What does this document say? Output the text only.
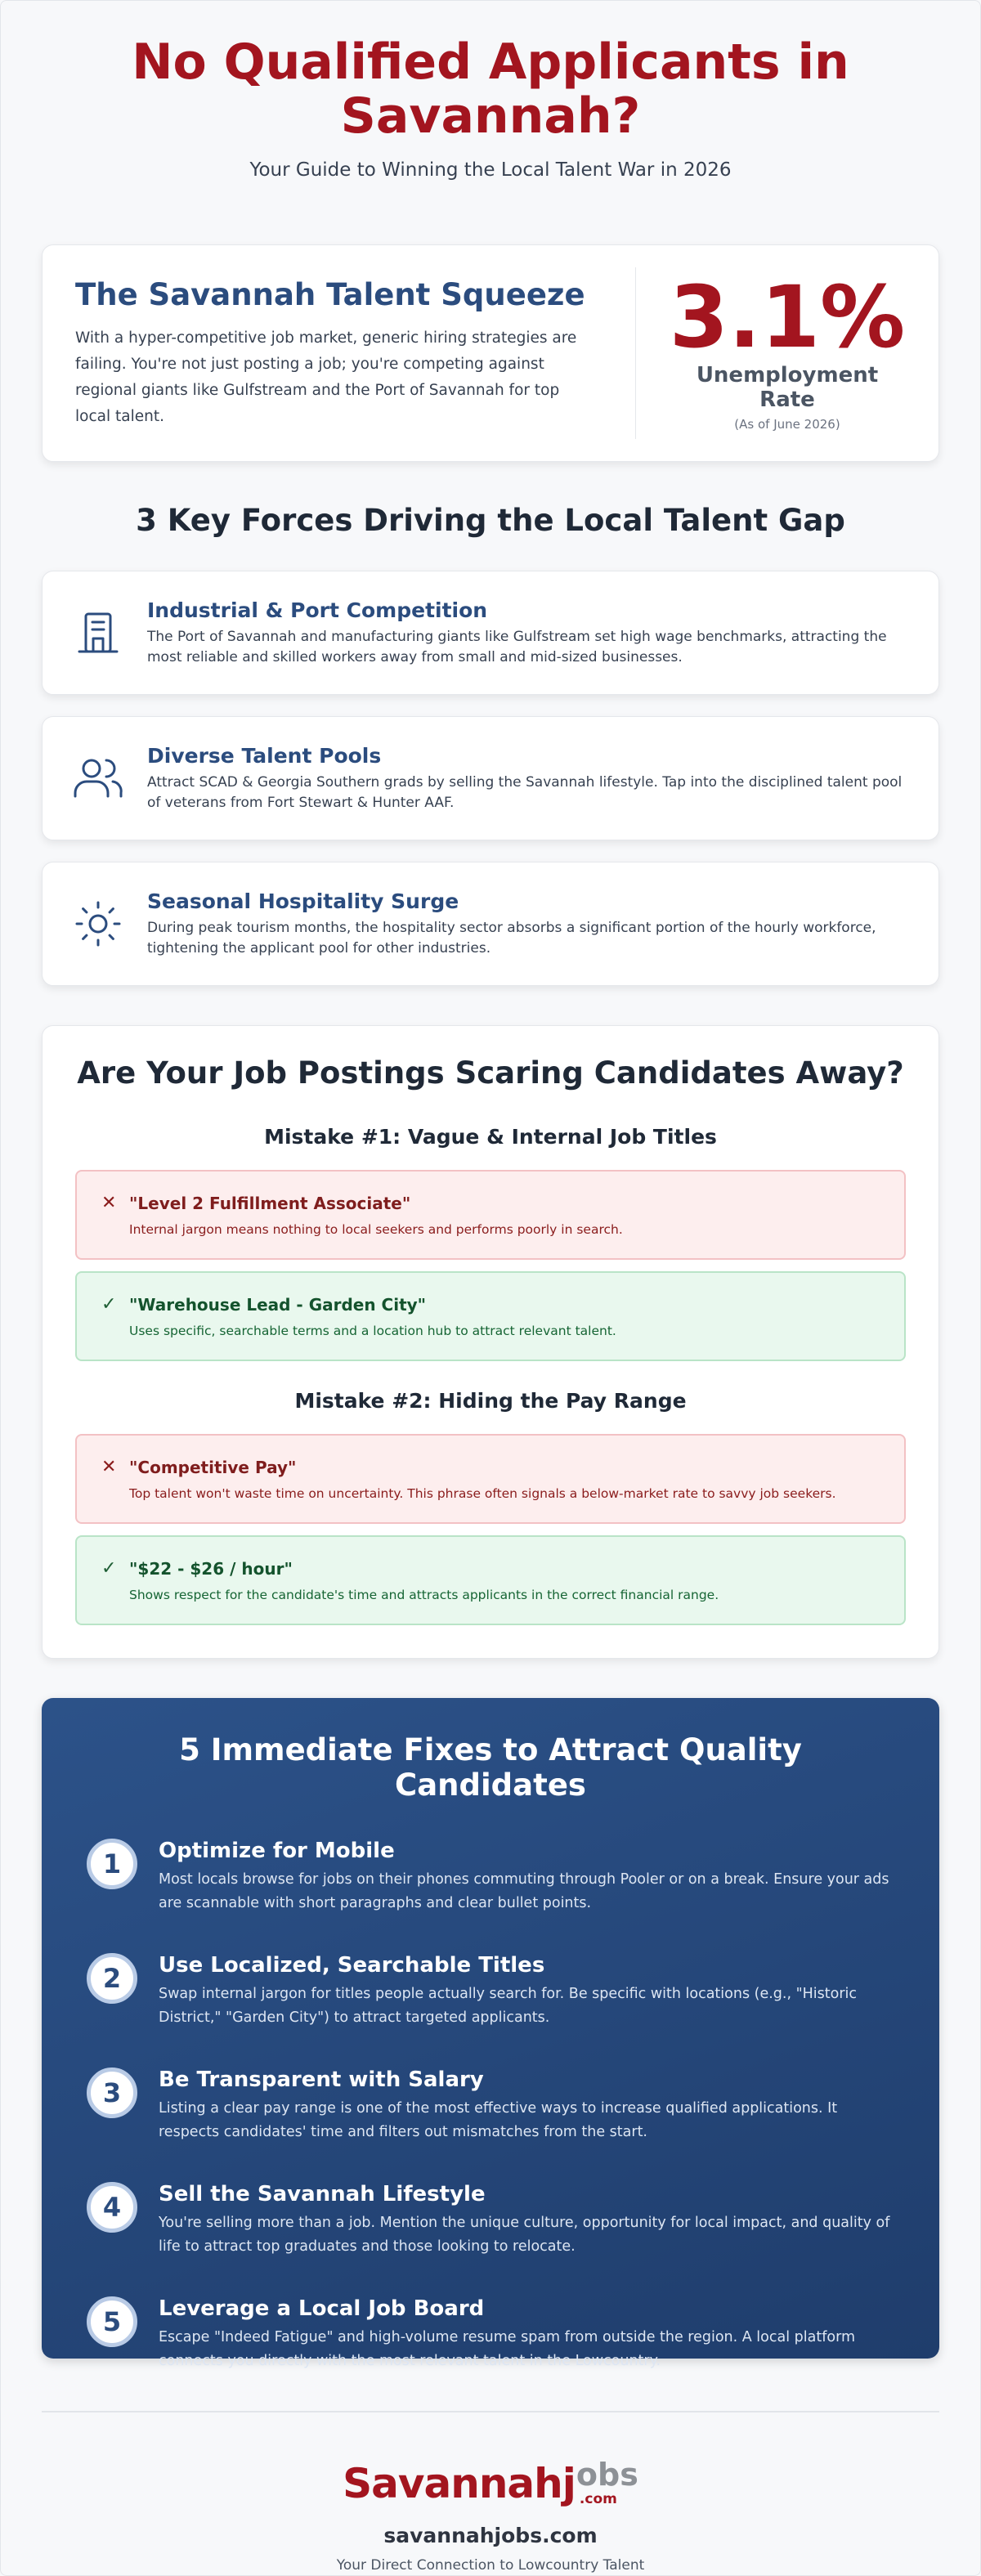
No Qualified Applicants in Savannah?

Your Guide to Winning the Local Talent War in 2026

The Savannah Talent Squeeze

With a hyper-competitive job market, generic hiring strategies are failing. You're not just posting a job; you're competing against regional giants like Gulfstream and the Port of Savannah for top local talent.

3.1%
Unemployment Rate
(As of June 2026)
3 Key Forces Driving the Local Talent Gap
Industrial & Port Competition

The Port of Savannah and manufacturing giants like Gulfstream set high wage benchmarks, attracting the most reliable and skilled workers away from small and mid-sized businesses.

Diverse Talent Pools

Attract SCAD & Georgia Southern grads by selling the Savannah lifestyle. Tap into the disciplined talent pool of veterans from Fort Stewart & Hunter AAF.

Seasonal Hospitality Surge

During peak tourism months, the hospitality sector absorbs a significant portion of the hourly workforce, tightening the applicant pool for other industries.

Are Your Job Postings Scaring Candidates Away?
Mistake #1: Vague & Internal Job Titles
✕ "Level 2 Fulfillment Associate"
Internal jargon means nothing to local seekers and performs poorly in search.
✓ "Warehouse Lead - Garden City"
Uses specific, searchable terms and a location hub to attract relevant talent.
Mistake #2: Hiding the Pay Range
✕ "Competitive Pay"
Top talent won't waste time on uncertainty. This phrase often signals a below-market rate to savvy job seekers.
✓ "$22 - $26 / hour"
Shows respect for the candidate's time and attracts applicants in the correct financial range.
5 Immediate Fixes to Attract Quality Candidates
1	Optimize for Mobile
Most locals browse for jobs on their phones commuting through Pooler or on a break. Ensure your ads are scannable with short paragraphs and clear bullet points.
2	Use Localized, Searchable Titles
Swap internal jargon for titles people actually search for. Be specific with locations (e.g., "Historic District," "Garden City") to attract targeted applicants.
3	Be Transparent with Salary
Listing a clear pay range is one of the most effective ways to increase qualified applications. It respects candidates' time and filters out mismatches from the start.
4	Sell the Savannah Lifestyle
You're selling more than a job. Mention the unique culture, opportunity for local impact, and quality of life to attract top graduates and those looking to relocate.
5	Leverage a Local Job Board
Escape "Indeed Fatigue" and high-volume resume spam from outside the region. A local platform connects you directly with the most relevant talent in the Lowcountry.
Savannah j obs
.com
savannahjobs.com
Your Direct Connection to Lowcountry Talent
